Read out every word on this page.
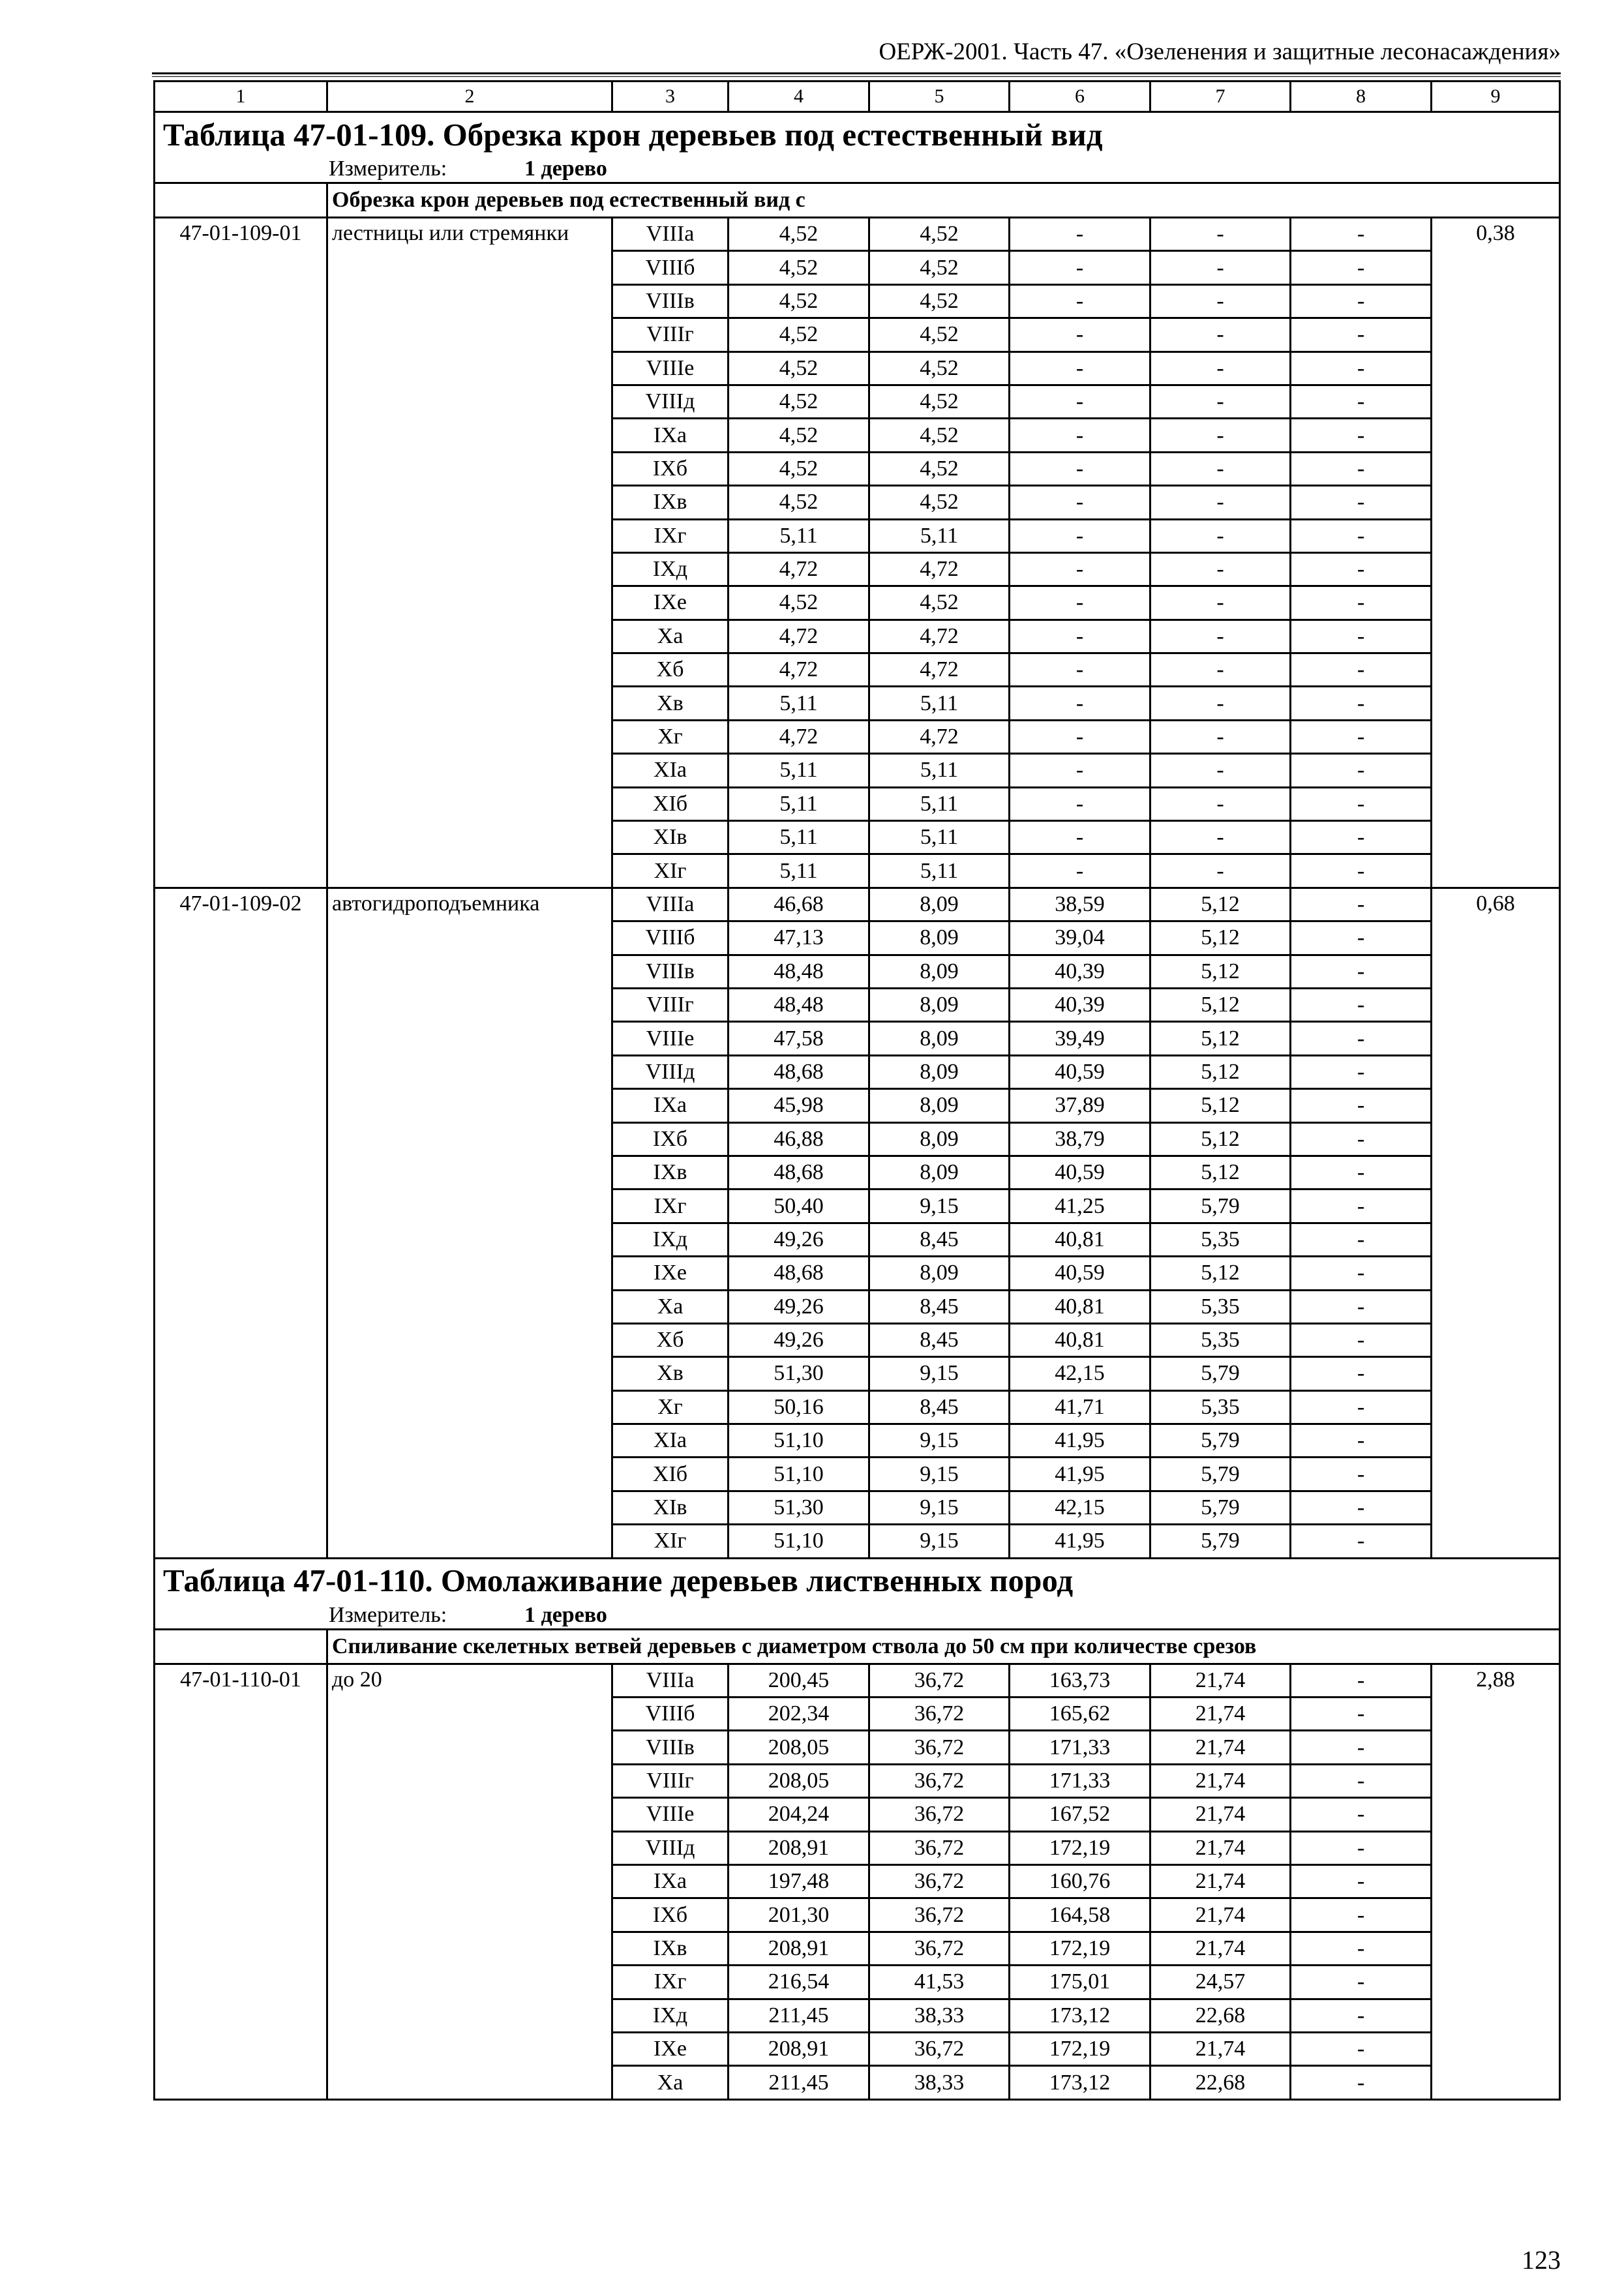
ОЕРЖ-2001. Часть 47. «Озеленения и защитные лесонасаждения»
1	2	3	4	5	6	7	8	9
Таблица 47-01-109. Обрезка крон деревьев под естественный вид								
Измеритель: 1 дерево								
	Обрезка крон деревьев под естественный вид с							
47-01-109-01	лестницы или стремянки	VIIIа	4,52	4,52	-	-	-	0,38
		VIIIб	4,52	4,52	-	-	-	
		VIIIв	4,52	4,52	-	-	-	
		VIIIг	4,52	4,52	-	-	-	
		VIIIе	4,52	4,52	-	-	-	
		VIIIд	4,52	4,52	-	-	-	
		IXа	4,52	4,52	-	-	-	
		IXб	4,52	4,52	-	-	-	
		IXв	4,52	4,52	-	-	-	
		IXг	5,11	5,11	-	-	-	
		IXд	4,72	4,72	-	-	-	
		IXе	4,52	4,52	-	-	-	
		Xа	4,72	4,72	-	-	-	
		Xб	4,72	4,72	-	-	-	
		Xв	5,11	5,11	-	-	-	
		Xг	4,72	4,72	-	-	-	
		XIа	5,11	5,11	-	-	-	
		XIб	5,11	5,11	-	-	-	
		XIв	5,11	5,11	-	-	-	
		XIг	5,11	5,11	-	-	-	
47-01-109-02	автогидроподъемника	VIIIа	46,68	8,09	38,59	5,12	-	0,68
		VIIIб	47,13	8,09	39,04	5,12	-	
		VIIIв	48,48	8,09	40,39	5,12	-	
		VIIIг	48,48	8,09	40,39	5,12	-	
		VIIIе	47,58	8,09	39,49	5,12	-	
		VIIIд	48,68	8,09	40,59	5,12	-	
		IXа	45,98	8,09	37,89	5,12	-	
		IXб	46,88	8,09	38,79	5,12	-	
		IXв	48,68	8,09	40,59	5,12	-	
		IXг	50,40	9,15	41,25	5,79	-	
		IXд	49,26	8,45	40,81	5,35	-	
		IXе	48,68	8,09	40,59	5,12	-	
		Xа	49,26	8,45	40,81	5,35	-	
		Xб	49,26	8,45	40,81	5,35	-	
		Xв	51,30	9,15	42,15	5,79	-	
		Xг	50,16	8,45	41,71	5,35	-	
		XIа	51,10	9,15	41,95	5,79	-	
		XIб	51,10	9,15	41,95	5,79	-	
		XIв	51,30	9,15	42,15	5,79	-	
		XIг	51,10	9,15	41,95	5,79	-	
Таблица 47-01-110. Омолаживание деревьев лиственных пород								
Измеритель: 1 дерево								
	Спиливание скелетных ветвей деревьев с диаметром ствола до 50 см при количестве срезов							
47-01-110-01	до 20	VIIIа	200,45	36,72	163,73	21,74	-	2,88
		VIIIб	202,34	36,72	165,62	21,74	-	
		VIIIв	208,05	36,72	171,33	21,74	-	
		VIIIг	208,05	36,72	171,33	21,74	-	
		VIIIе	204,24	36,72	167,52	21,74	-	
		VIIIд	208,91	36,72	172,19	21,74	-	
		IXа	197,48	36,72	160,76	21,74	-	
		IXб	201,30	36,72	164,58	21,74	-	
		IXв	208,91	36,72	172,19	21,74	-	
		IXг	216,54	41,53	175,01	24,57	-	
		IXд	211,45	38,33	173,12	22,68	-	
		IXе	208,91	36,72	172,19	21,74	-	
		Xа	211,45	38,33	173,12	22,68	-	
123
